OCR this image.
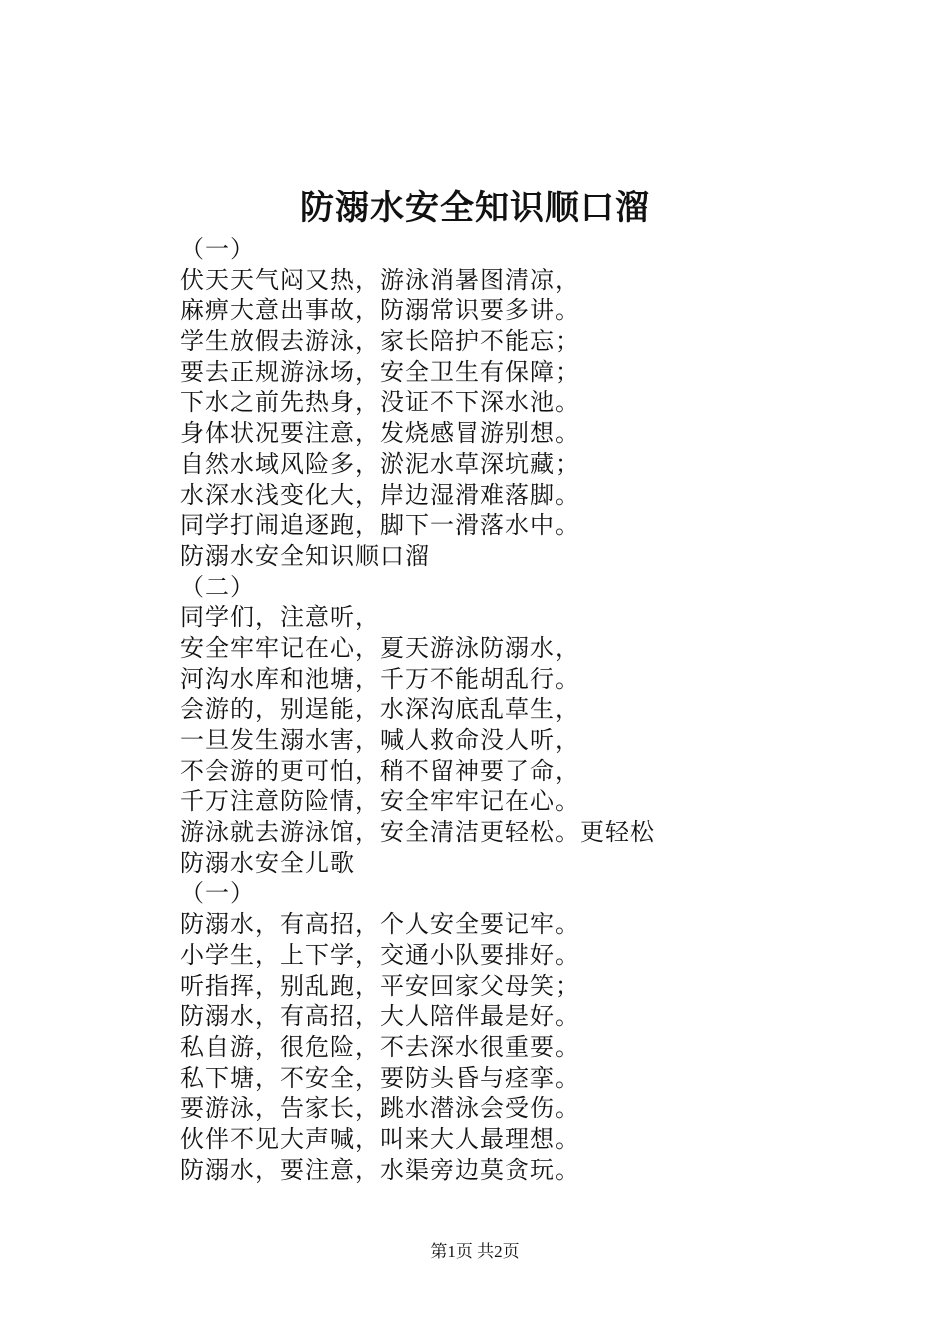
防溺水安全知识顺口溜
（一）
伏天天气闷又热，游泳消暑图清凉，
麻痹大意出事故，防溺常识要多讲。
学生放假去游泳，家长陪护不能忘；
要去正规游泳场，安全卫生有保障；
下水之前先热身，没证不下深水池。
身体状况要注意，发烧感冒游别想。
自然水域风险多，淤泥水草深坑藏；
水深水浅变化大，岸边湿滑难落脚。
同学打闹追逐跑，脚下一滑落水中。
防溺水安全知识顺口溜
（二）
同学们，注意听，
安全牢牢记在心，夏天游泳防溺水，
河沟水库和池塘，千万不能胡乱行。
会游的，别逞能，水深沟底乱草生，
一旦发生溺水害，喊人救命没人听，
不会游的更可怕，稍不留神要了命，
千万注意防险情，安全牢牢记在心。
游泳就去游泳馆，安全清洁更轻松。更轻松
防溺水安全儿歌
（一）
防溺水，有高招，个人安全要记牢。
小学生，上下学，交通小队要排好。
听指挥，别乱跑，平安回家父母笑；
防溺水，有高招，大人陪伴最是好。
私自游，很危险，不去深水很重要。
私下塘，不安全，要防头昏与痉挛。
要游泳，告家长，跳水潜泳会受伤。
伙伴不见大声喊，叫来大人最理想。
防溺水，要注意，水渠旁边莫贪玩。
第1页 共2页
